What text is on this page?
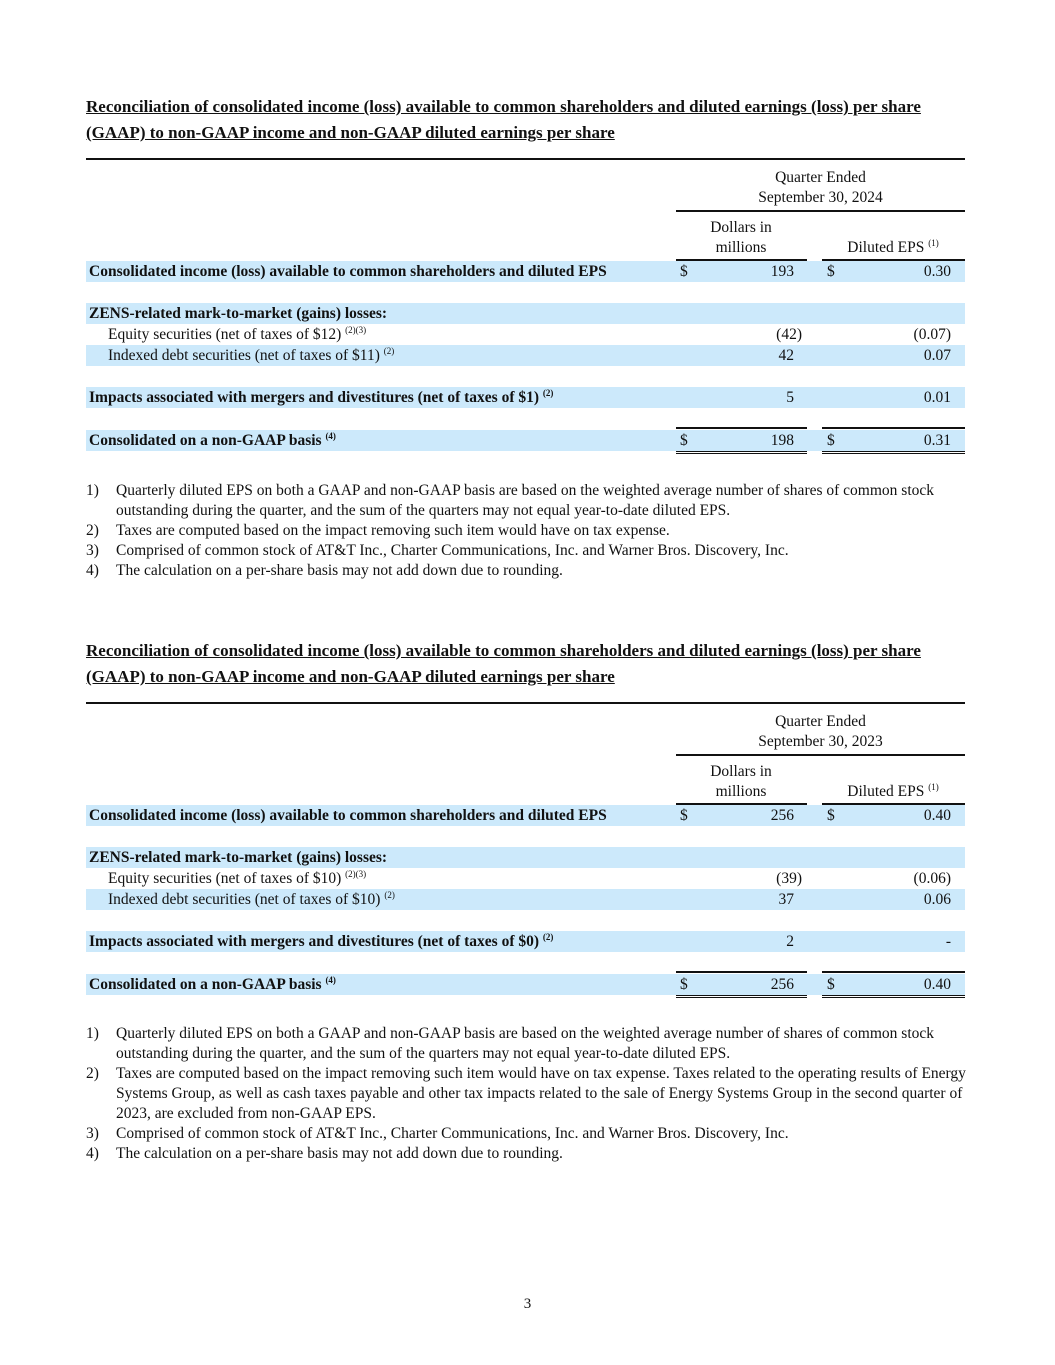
Reconciliation of consolidated income (loss) available to common shareholders and diluted earnings (loss) per share (GAAP) to non-GAAP income and non-GAAP diluted earnings per share

Quarter Ended
September 30, 2024
Dollars in
millions	Diluted EPS $^{(1)}$
Consolidated income (loss) available to common shareholders and diluted EPS	$	193 $	0.30
ZENS-related mark-to-market (gains) losses:
Equity securities (net of taxes of $12) $^{(2)(3)}$	(42)	(0.07)
Indexed debt securities (net of taxes of $11) $^{(2)}$	42	0.07
Impacts associated with mergers and divestitures (net of taxes of $1) $^{(2)}$	5	0.01
Consolidated on a non-GAAP basis $^{(4)}$	$	198 $	0.31
1)	Quarterly diluted EPS on both a GAAP and non-GAAP basis are based on the weighted average number of shares of common stock outstanding during the quarter, and the sum of the quarters may not equal year-to-date diluted EPS.
2)	Taxes are computed based on the impact removing such item would have on tax expense.
3)	Comprised of common stock of AT&T Inc., Charter Communications, Inc. and Warner Bros. Discovery, Inc.
4)	The calculation on a per-share basis may not add down due to rounding.

Reconciliation of consolidated income (loss) available to common shareholders and diluted earnings (loss) per share (GAAP) to non-GAAP income and non-GAAP diluted earnings per share

Quarter Ended
September 30, 2023
Dollars in
millions	Diluted EPS $^{(1)}$
Consolidated income (loss) available to common shareholders and diluted EPS	$	256 $	0.40
ZENS-related mark-to-market (gains) losses:
Equity securities (net of taxes of $10) $^{(2)(3)}$	(39)	(0.06)
Indexed debt securities (net of taxes of $10) $^{(2)}$	37	0.06
Impacts associated with mergers and divestitures (net of taxes of $0) $^{(2)}$	2	-
Consolidated on a non-GAAP basis $^{(4)}$	$	256 $	0.40
1)	Quarterly diluted EPS on both a GAAP and non-GAAP basis are based on the weighted average number of shares of common stock outstanding during the quarter, and the sum of the quarters may not equal year-to-date diluted EPS.
2)	Taxes are computed based on the impact removing such item would have on tax expense. Taxes related to the operating results of Energy Systems Group, as well as cash taxes payable and other tax impacts related to the sale of Energy Systems Group in the second quarter of 2023, are excluded from non-GAAP EPS.
3)	Comprised of common stock of AT&T Inc., Charter Communications, Inc. and Warner Bros. Discovery, Inc.
4)	The calculation on a per-share basis may not add down due to rounding.
3
